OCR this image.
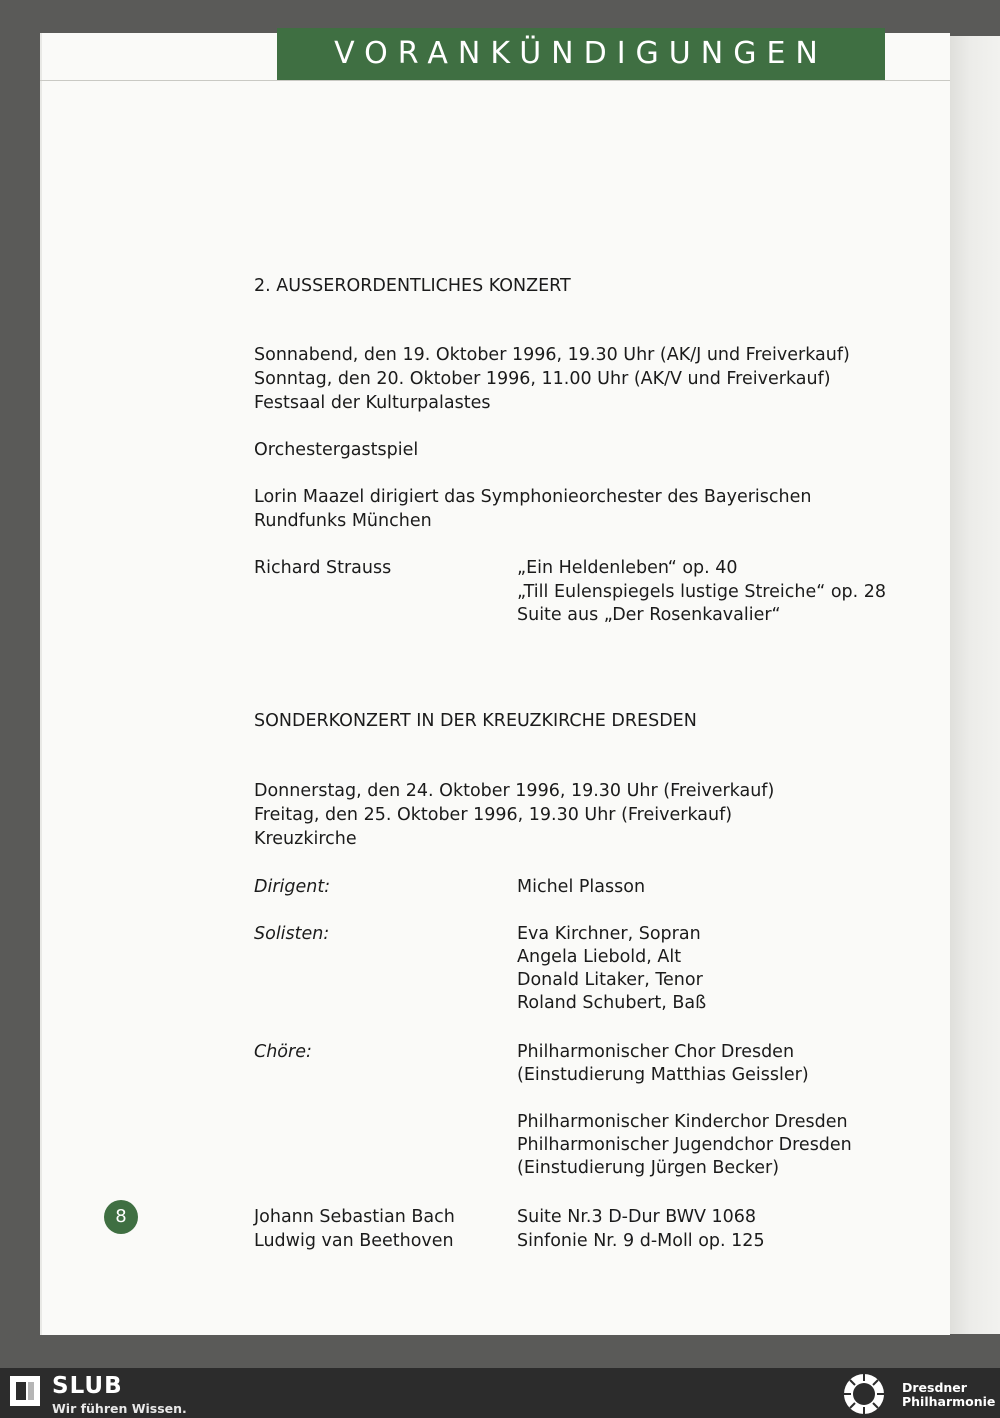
VORANKÜNDIGUNGEN
2. AUSSERORDENTLICHES KONZERT
Sonnabend, den 19. Oktober 1996, 19.30 Uhr (AK/J und Freiverkauf)
Sonntag, den 20. Oktober 1996, 11.00 Uhr (AK/V und Freiverkauf)
Festsaal der Kulturpalastes
Orchestergastspiel
Lorin Maazel dirigiert das Symphonieorchester des Bayerischen
Rundfunks München
Richard Strauss	„Ein Heldenleben“ op. 40
„Till Eulenspiegels lustige Streiche“ op. 28
Suite aus „Der Rosenkavalier“
SONDERKONZERT IN DER KREUZKIRCHE DRESDEN
Donnerstag, den 24. Oktober 1996, 19.30 Uhr (Freiverkauf)
Freitag, den 25. Oktober 1996, 19.30 Uhr (Freiverkauf)
Kreuzkirche
Dirigent:	Michel Plasson
Solisten:	Eva Kirchner, Sopran
Angela Liebold, Alt
Donald Litaker, Tenor
Roland Schubert, Baß
Chöre:	Philharmonischer Chor Dresden
(Einstudierung Matthias Geissler)
Philharmonischer Kinderchor Dresden
Philharmonischer Jugendchor Dresden
(Einstudierung Jürgen Becker)
Johann Sebastian Bach	Suite Nr.3 D-Dur BWV 1068
Ludwig van Beethoven	Sinfonie Nr. 9 d-Moll op. 125
8
SLUB
Wir führen Wissen.
Dresdner
Philharmonie
